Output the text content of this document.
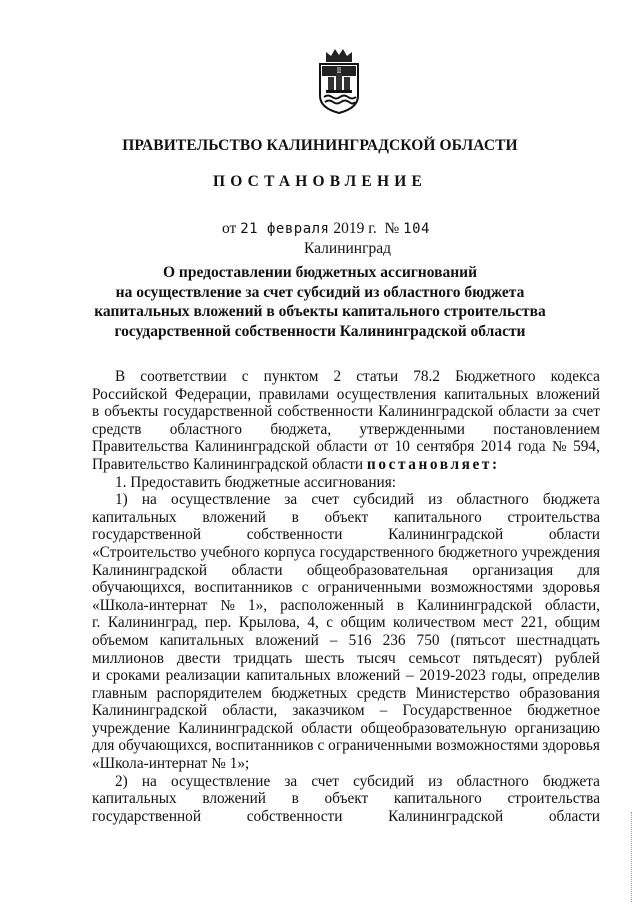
Ⅱ
ПРАВИТЕЛЬСТВО КАЛИНИНГРАДСКОЙ ОБЛАСТИ
ПОСТАНОВЛЕНИЕ
от 21 февраля 2019 г. № 104
Калининград
О предоставлении бюджетных ассигнований
на осуществление за счет субсидий из областного бюджета
капитальных вложений в объекты капитального строительства
государственной собственности Калининградской области
В соответствии с пунктом 2 статьи 78.2 Бюджетного кодекса
Российской Федерации, правилами осуществления капитальных вложений
в объекты государственной собственности Калининградской области за счет
средств областного бюджета, утвержденными постановлением
Правительства Калининградской области от 10 сентября 2014 года № 594,
Правительство Калининградской области
постановляет:
1. Предоставить бюджетные ассигнования:
1) на осуществление за счет субсидий из областного бюджета
капитальных вложений в объект капитального строительства
государственной	собственности	Калининградской	области
«Строительство учебного корпуса государственного бюджетного учреждения
Калининградской области общеобразовательная организация для
обучающихся, воспитанников с ограниченными возможностями здоровья
«Школа-интернат № 1», расположенный в Калининградской области,
г. Калининград, пер. Крылова, 4, с общим количеством мест 221, общим
объемом капитальных вложений – 516 236 750 (пятьсот шестнадцать
миллионов двести тридцать шесть тысяч семьсот пятьдесят) рублей
и сроками реализации капитальных вложений – 2019-2023 годы, определив
главным распорядителем бюджетных средств Министерство образования
Калининградской области, заказчиком – Государственное бюджетное
учреждение Калининградской области общеобразовательную организацию
для обучающихся, воспитанников с ограниченными возможностями здоровья
«Школа-интернат № 1»;
2) на осуществление за счет субсидий из областного бюджета
капитальных вложений в объект капитального строительства
государственной	собственности	Калининградской	области
